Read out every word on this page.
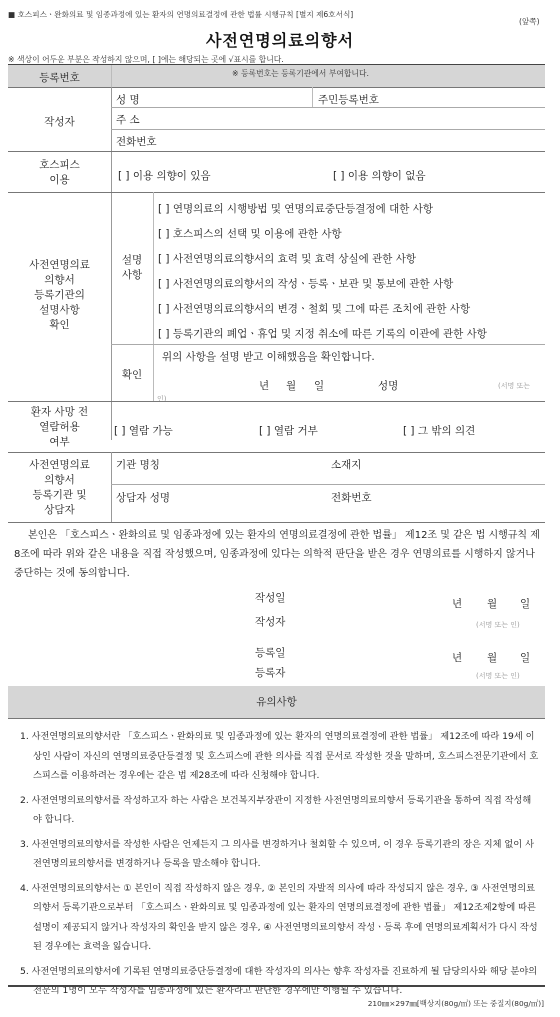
■ 호스피스ㆍ완화의료 및 임종과정에 있는 환자의 연명의료결정에 관한 법률 시행규칙 [별지 제6호서식]
(앞쪽)
사전연명의료의향서
※ 색상이 어두운 부분은 작성하지 않으며, [ ]에는 해당되는 곳에 √표시를 합니다.
등록번호	※ 등록번호는 등록기관에서 부여합니다.
작성자
성 명	주민등록번호
주 소
전화번호
호스피스
이용	[ ] 이용 의향이 있음	[ ] 이용 의향이 없음
사전연명의료
의향서
등록기관의
설명사항
확인
설명
사항
[ ] 연명의료의 시행방법 및 연명의료중단등결정에 대한 사항
[ ] 호스피스의 선택 및 이용에 관한 사항
[ ] 사전연명의료의향서의 효력 및 효력 상실에 관한 사항
[ ] 사전연명의료의향서의 작성ㆍ등록ㆍ보관 및 통보에 관한 사항
[ ] 사전연명의료의향서의 변경ㆍ철회 및 그에 따른 조치에 관한 사항
[ ] 등록기관의 폐업ㆍ휴업 및 지정 취소에 따른 기록의 이관에 관한 사항
확인
위의 사항을 설명 받고 이해했음을 확인합니다.
년 월 일	성명	(서명 또는
인)
환자 사망 전
열람허용
여부
[ ] 열람 가능	[ ] 열람 거부	[ ] 그 밖의 의견
사전연명의료
의향서
등록기관 및
상담자
기관 명칭	소재지
상담자 성명	전화번호
본인은 「호스피스ㆍ완화의료 및 임종과정에 있는 환자의 연명의료결정에 관한 법률」 제12조 및 같은 법 시행규칙 제8조에 따라 위와 같은 내용을 직접 작성했으며, 임종과정에 있다는 의학적 판단을 받은 경우 연명의료를 시행하지 않거나 중단하는 것에 동의합니다.
작성일	년 월 일
작성자	(서명 또는 인)
등록일	년 월 일
등록자	(서명 또는 인)
유의사항
1. 사전연명의료의향서란 「호스피스ㆍ완화의료 및 임종과정에 있는 환자의 연명의료결정에 관한 법률」 제12조에 따라 19세 이상인 사람이 자신의 연명의료중단등결정 및 호스피스에 관한 의사를 직접 문서로 작성한 것을 말하며, 호스피스전문기관에서 호스피스를 이용하려는 경우에는 같은 법 제28조에 따라 신청해야 합니다.
2. 사전연명의료의향서를 작성하고자 하는 사람은 보건복지부장관이 지정한 사전연명의료의향서 등록기관을 통하여 직접 작성해야 합니다.
3. 사전연명의료의향서를 작성한 사람은 언제든지 그 의사를 변경하거나 철회할 수 있으며, 이 경우 등록기관의 장은 지체 없이 사전연명의료의향서를 변경하거나 등록을 말소해야 합니다.
4. 사전연명의료의향서는 ① 본인이 직접 작성하지 않은 경우, ② 본인의 자발적 의사에 따라 작성되지 않은 경우, ③ 사전연명의료의향서 등록기관으로부터 「호스피스ㆍ완화의료 및 임종과정에 있는 환자의 연명의료결정에 관한 법률」 제12조제2항에 따른 설명이 제공되지 않거나 작성자의 확인을 받지 않은 경우, ④ 사전연명의료의향서 작성ㆍ등록 후에 연명의료계획서가 다시 작성된 경우에는 효력을 잃습니다.
5. 사전연명의료의향서에 기록된 연명의료중단등결정에 대한 작성자의 의사는 향후 작성자를 진료하게 될 담당의사와 해당 분야의 전문의 1명이 모두 작성자를 임종과정에 있는 환자라고 판단한 경우에만 이행될 수 있습니다.
210㎜×297㎜[백상지(80g/㎡) 또는 중질지(80g/㎡)]
